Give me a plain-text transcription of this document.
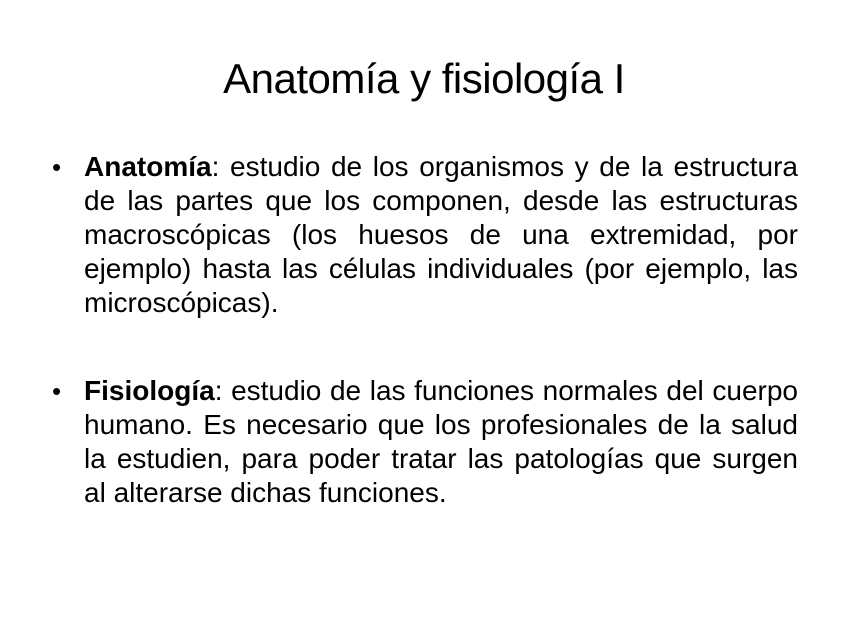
Anatomía y fisiología I
• Anatomía: estudio de los organismos y de la estructura de las partes que los componen, desde las estructuras macroscópicas (los huesos de una extremidad, por ejemplo) hasta las células individuales (por ejemplo, las microscópicas).
• Fisiología: estudio de las funciones normales del cuerpo humano. Es necesario que los profesionales de la salud la estudien, para poder tratar las patologías que surgen al alterarse dichas funciones.
